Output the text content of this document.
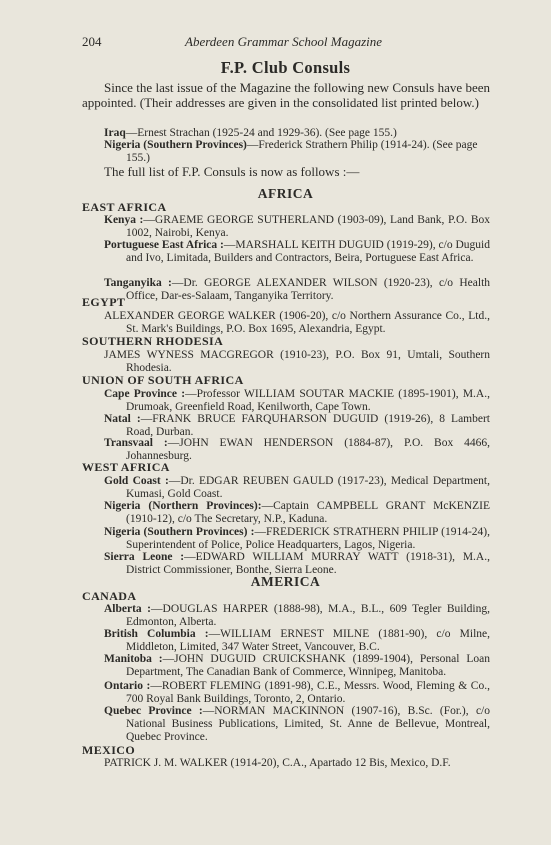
204	Aberdeen Grammar School Magazine
F.P. Club Consuls

Since the last issue of the Magazine the following new Consuls have been appointed. (Their addresses are given in the consolidated list printed below.)

Iraq—Ernest Strachan (1925-24 and 1929-36). (See page 155.)

Nigeria (Southern Provinces)—Frederick Strathern Philip (1914-24). (See page 155.)

The full list of F.P. Consuls is now as follows :—

AFRICA
EAST AFRICA
Kenya :—GRAEME GEORGE SUTHERLAND (1903-09), Land Bank, P.O. Box 1002, Nairobi, Kenya.
Portuguese East Africa :—MARSHALL KEITH DUGUID (1919-29), c/o Duguid and Ivo, Limitada, Builders and Contractors, Beira, Portuguese East Africa.
Tanganyika :—Dr. GEORGE ALEXANDER WILSON (1920-23), c/o Health Office, Dar-es-Salaam, Tanganyika Territory.
EGYPT
ALEXANDER GEORGE WALKER (1906-20), c/o Northern Assurance Co., Ltd., St. Mark's Buildings, P.O. Box 1695, Alexandria, Egypt.
SOUTHERN RHODESIA
JAMES WYNESS MACGREGOR (1910-23), P.O. Box 91, Umtali, Southern Rhodesia.
UNION OF SOUTH AFRICA
Cape Province :—Professor WILLIAM SOUTAR MACKIE (1895-1901), M.A., Drumoak, Greenfield Road, Kenilworth, Cape Town.
Natal :—FRANK BRUCE FARQUHARSON DUGUID (1919-26), 8 Lambert Road, Durban.
Transvaal :—JOHN EWAN HENDERSON (1884-87), P.O. Box 4466, Johannesburg.
WEST AFRICA
Gold Coast :—Dr. EDGAR REUBEN GAULD (1917-23), Medical Department, Kumasi, Gold Coast.
Nigeria (Northern Provinces):—Captain CAMPBELL GRANT McKENZIE (1910-12), c/o The Secretary, N.P., Kaduna.
Nigeria (Southern Provinces) :—FREDERICK STRATHERN PHILIP (1914-24), Superintendent of Police, Police Headquarters, Lagos, Nigeria.
Sierra Leone :—EDWARD WILLIAM MURRAY WATT (1918-31), M.A., District Commissioner, Bonthe, Sierra Leone.
AMERICA
CANADA
Alberta :—DOUGLAS HARPER (1888-98), M.A., B.L., 609 Tegler Building, Edmonton, Alberta.
British Columbia :—WILLIAM ERNEST MILNE (1881-90), c/o Milne, Middleton, Limited, 347 Water Street, Vancouver, B.C.
Manitoba :—JOHN DUGUID CRUICKSHANK (1899-1904), Personal Loan Department, The Canadian Bank of Commerce, Winnipeg, Manitoba.
Ontario :—ROBERT FLEMING (1891-98), C.E., Messrs. Wood, Fleming & Co., 700 Royal Bank Buildings, Toronto, 2, Ontario.
Quebec Province :—NORMAN MACKINNON (1907-16), B.Sc. (For.), c/o National Business Publications, Limited, St. Anne de Bellevue, Montreal, Quebec Province.
MEXICO
PATRICK J. M. WALKER (1914-20), C.A., Apartado 12 Bis, Mexico, D.F.
